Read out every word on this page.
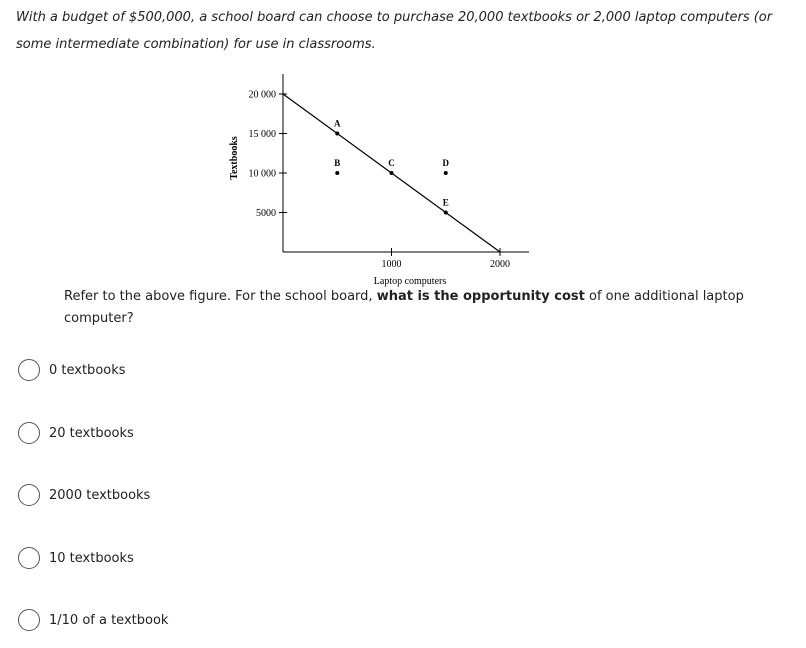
With a budget of $500,000, a school board can choose to purchase 20,000 textbooks or 2,000 laptop computers (or some intermediate combination) for use in classrooms.

Textbooks
Laptop computers
20 000
15 000
10 000
5000
1000	2000
A
B	C	D
E

Refer to the above figure. For the school board, what is the opportunity cost of one additional laptop computer?

0 textbooks
20 textbooks
2000 textbooks
10 textbooks
1/10 of a textbook
